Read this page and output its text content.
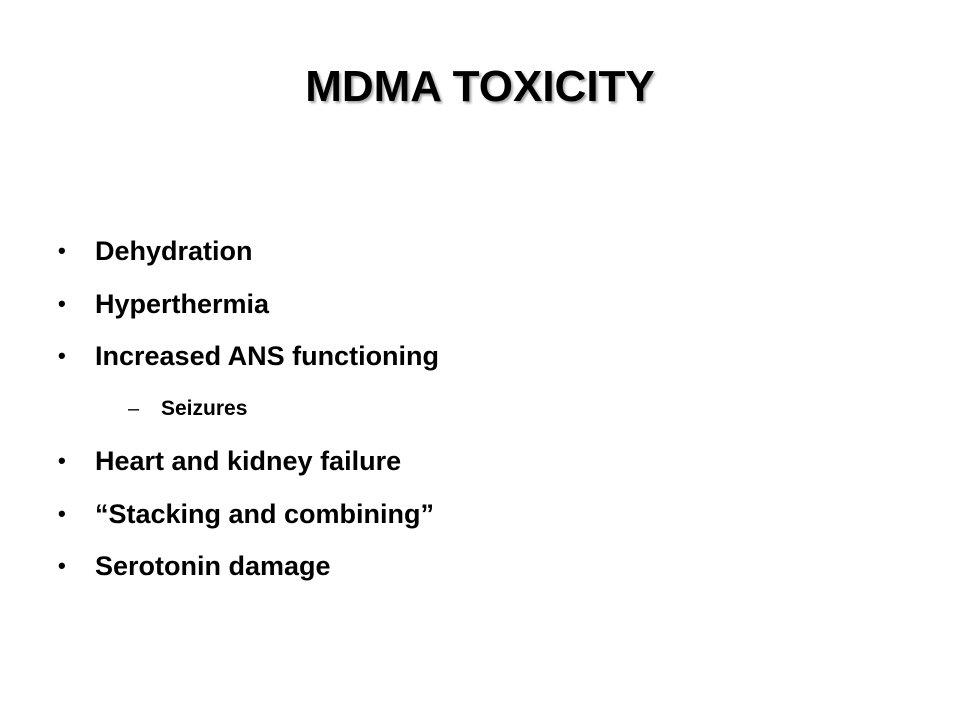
MDMA TOXICITY
•	Dehydration
•	Hyperthermia
•	Increased ANS functioning
– Seizures
•	Heart and kidney failure
•	“Stacking and combining”
•	Serotonin damage
